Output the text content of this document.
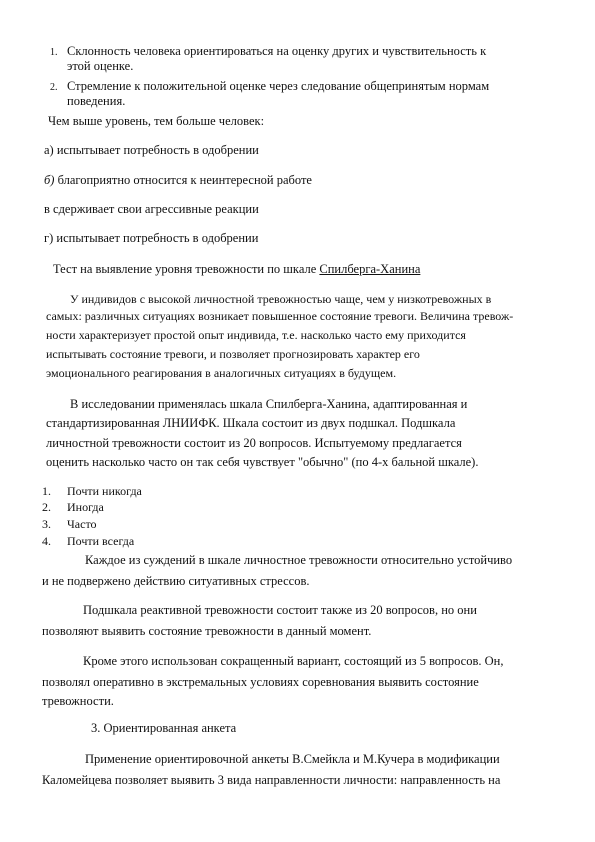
1. Склонность человека ориентироваться на оценку других и чувствительность к
этой оценке.
2. Стремление к положительной оценке через следование общепринятым нормам
поведения.
Чем выше уровень, тем больше человек:
а) испытывает потребность в одобрении
б) благоприятно относится к неинтересной работе
в сдерживает свои агрессивные реакции
г) испытывает потребность в одобрении
Тест на выявление уровня тревожности по шкале Спилберга-Ханина
У индивидов с высокой личностной тревожностью чаще, чем у низкотревожных в
самых: различных ситуациях возникает повышенное состояние тревоги. Величина тревож-
ности характеризует простой опыт индивида, т.е. насколько часто ему приходится
испытывать состояние тревоги, и позволяет прогнозировать характер его
эмоционального реагирования в аналогичных ситуациях в будущем.
В исследовании применялась шкала Спилберга-Ханина, адаптированная и
стандартизированная ЛНИИФК. Шкала состоит из двух подшкал. Подшкала
личностной тревожности состоит из 20 вопросов. Испытуемому предлагается
оценить насколько часто он так себя чувствует "обычно" (по 4-х бальной шкале).
1. Почти никогда
2. Иногда
3. Часто
4. Почти всегда
Каждое из суждений в шкале личностное тревожности относительно устойчиво
и не подвержено действию ситуативных стрессов.
Подшкала реактивной тревожности состоит также из 20 вопросов, но они
позволяют выявить состояние тревожности в данный момент.
Кроме этого использован сокращенный вариант, состоящий из 5 вопросов. Он,
позволял оперативно в экстремальных условиях соревнования выявить состояние
тревожности.
3. Ориентированная анкета
Применение ориентировочной анкеты В.Смейкла и М.Кучера в модификации
Каломейцева позволяет выявить 3 вида направленности личности: направленность на
